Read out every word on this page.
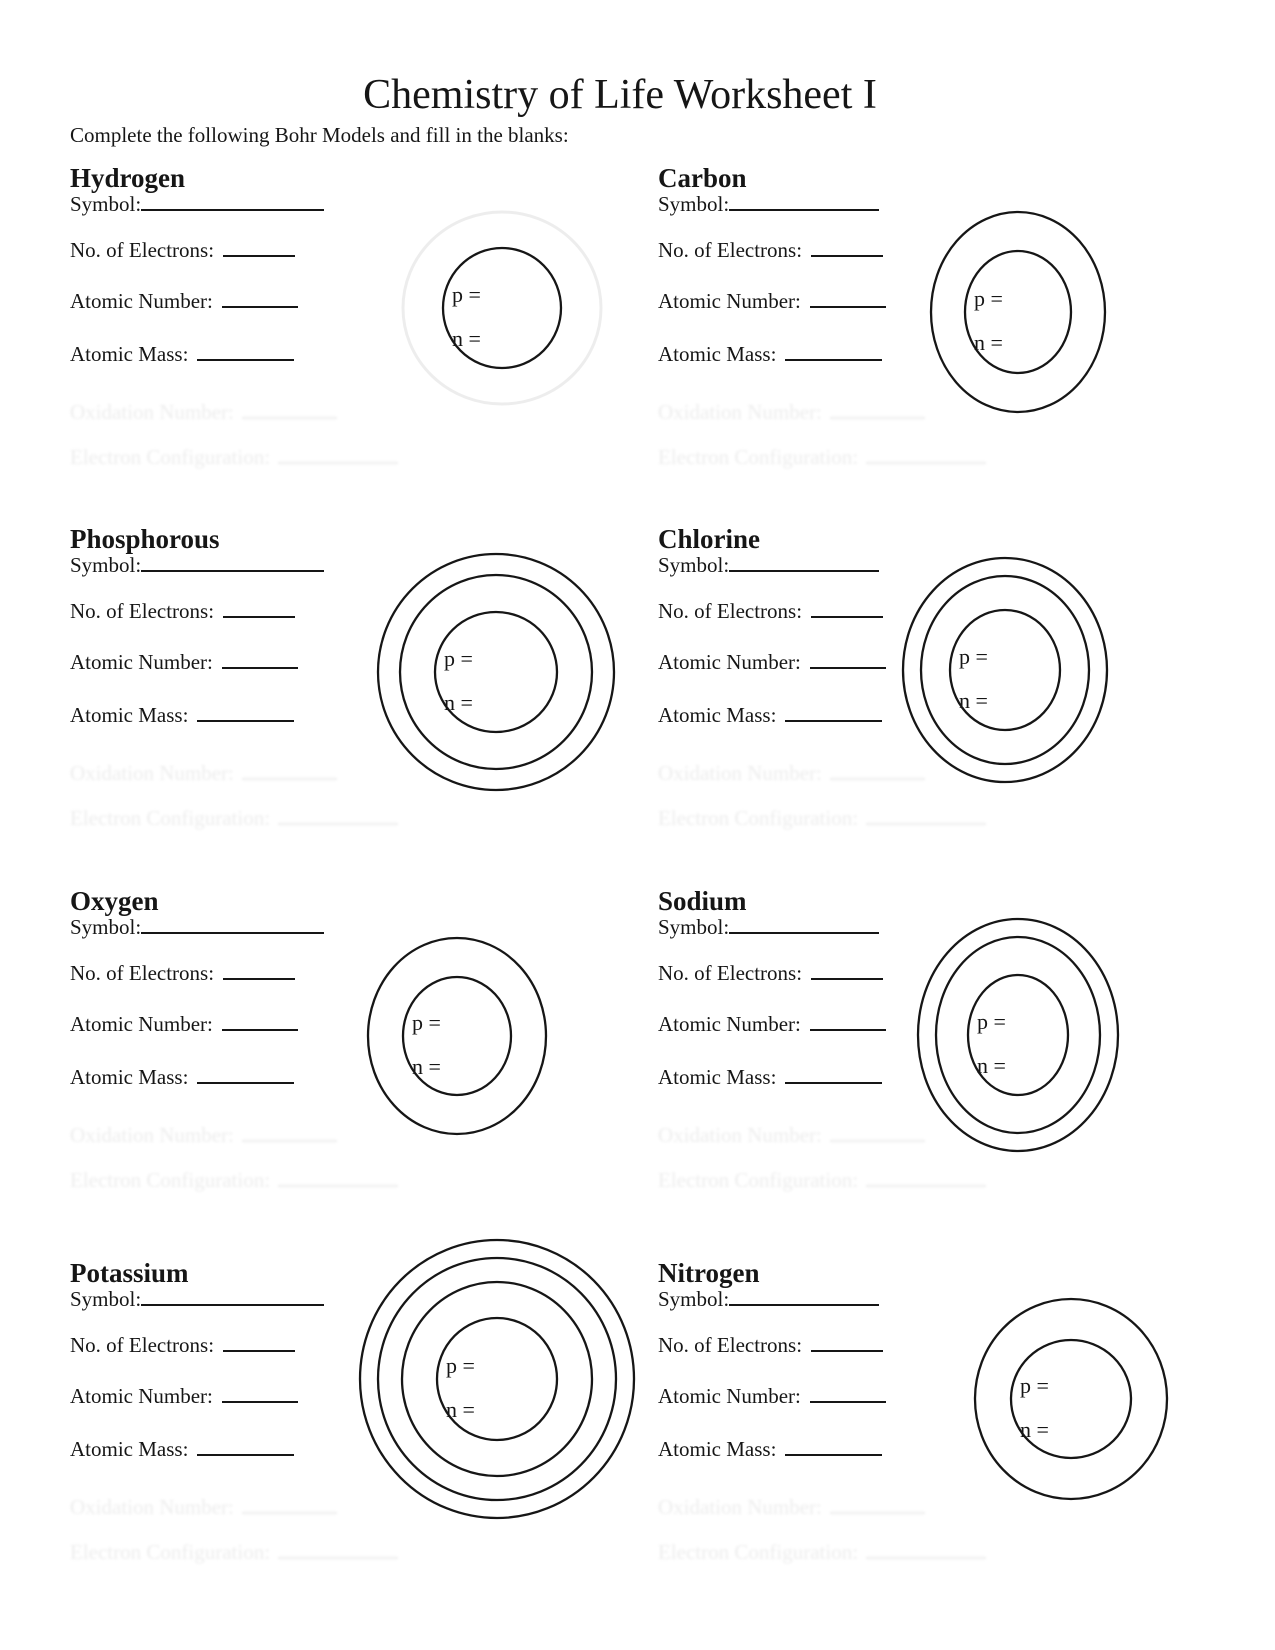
Chemistry of Life Worksheet I
Complete the following Bohr Models and fill in the blanks:
Hydrogen
Symbol:
No. of Electrons:
Atomic Number:
Atomic Mass:
Oxidation Number:
Electron Configuration:
Carbon
Symbol:
No. of Electrons:
Atomic Number:
Atomic Mass:
Oxidation Number:
Electron Configuration:
Phosphorous
Symbol:
No. of Electrons:
Atomic Number:
Atomic Mass:
Oxidation Number:
Electron Configuration:
Chlorine
Symbol:
No. of Electrons:
Atomic Number:
Atomic Mass:
Oxidation Number:
Electron Configuration:
Oxygen
Symbol:
No. of Electrons:
Atomic Number:
Atomic Mass:
Oxidation Number:
Electron Configuration:
Sodium
Symbol:
No. of Electrons:
Atomic Number:
Atomic Mass:
Oxidation Number:
Electron Configuration:
Potassium
Symbol:
No. of Electrons:
Atomic Number:
Atomic Mass:
Oxidation Number:
Electron Configuration:
Nitrogen
Symbol:
No. of Electrons:
Atomic Number:
Atomic Mass:
Oxidation Number:
Electron Configuration:
p =
n =
p =
n =
p =
n =
p =
n =
p =
n =
p =
n =
p =
n =
p =
n =
